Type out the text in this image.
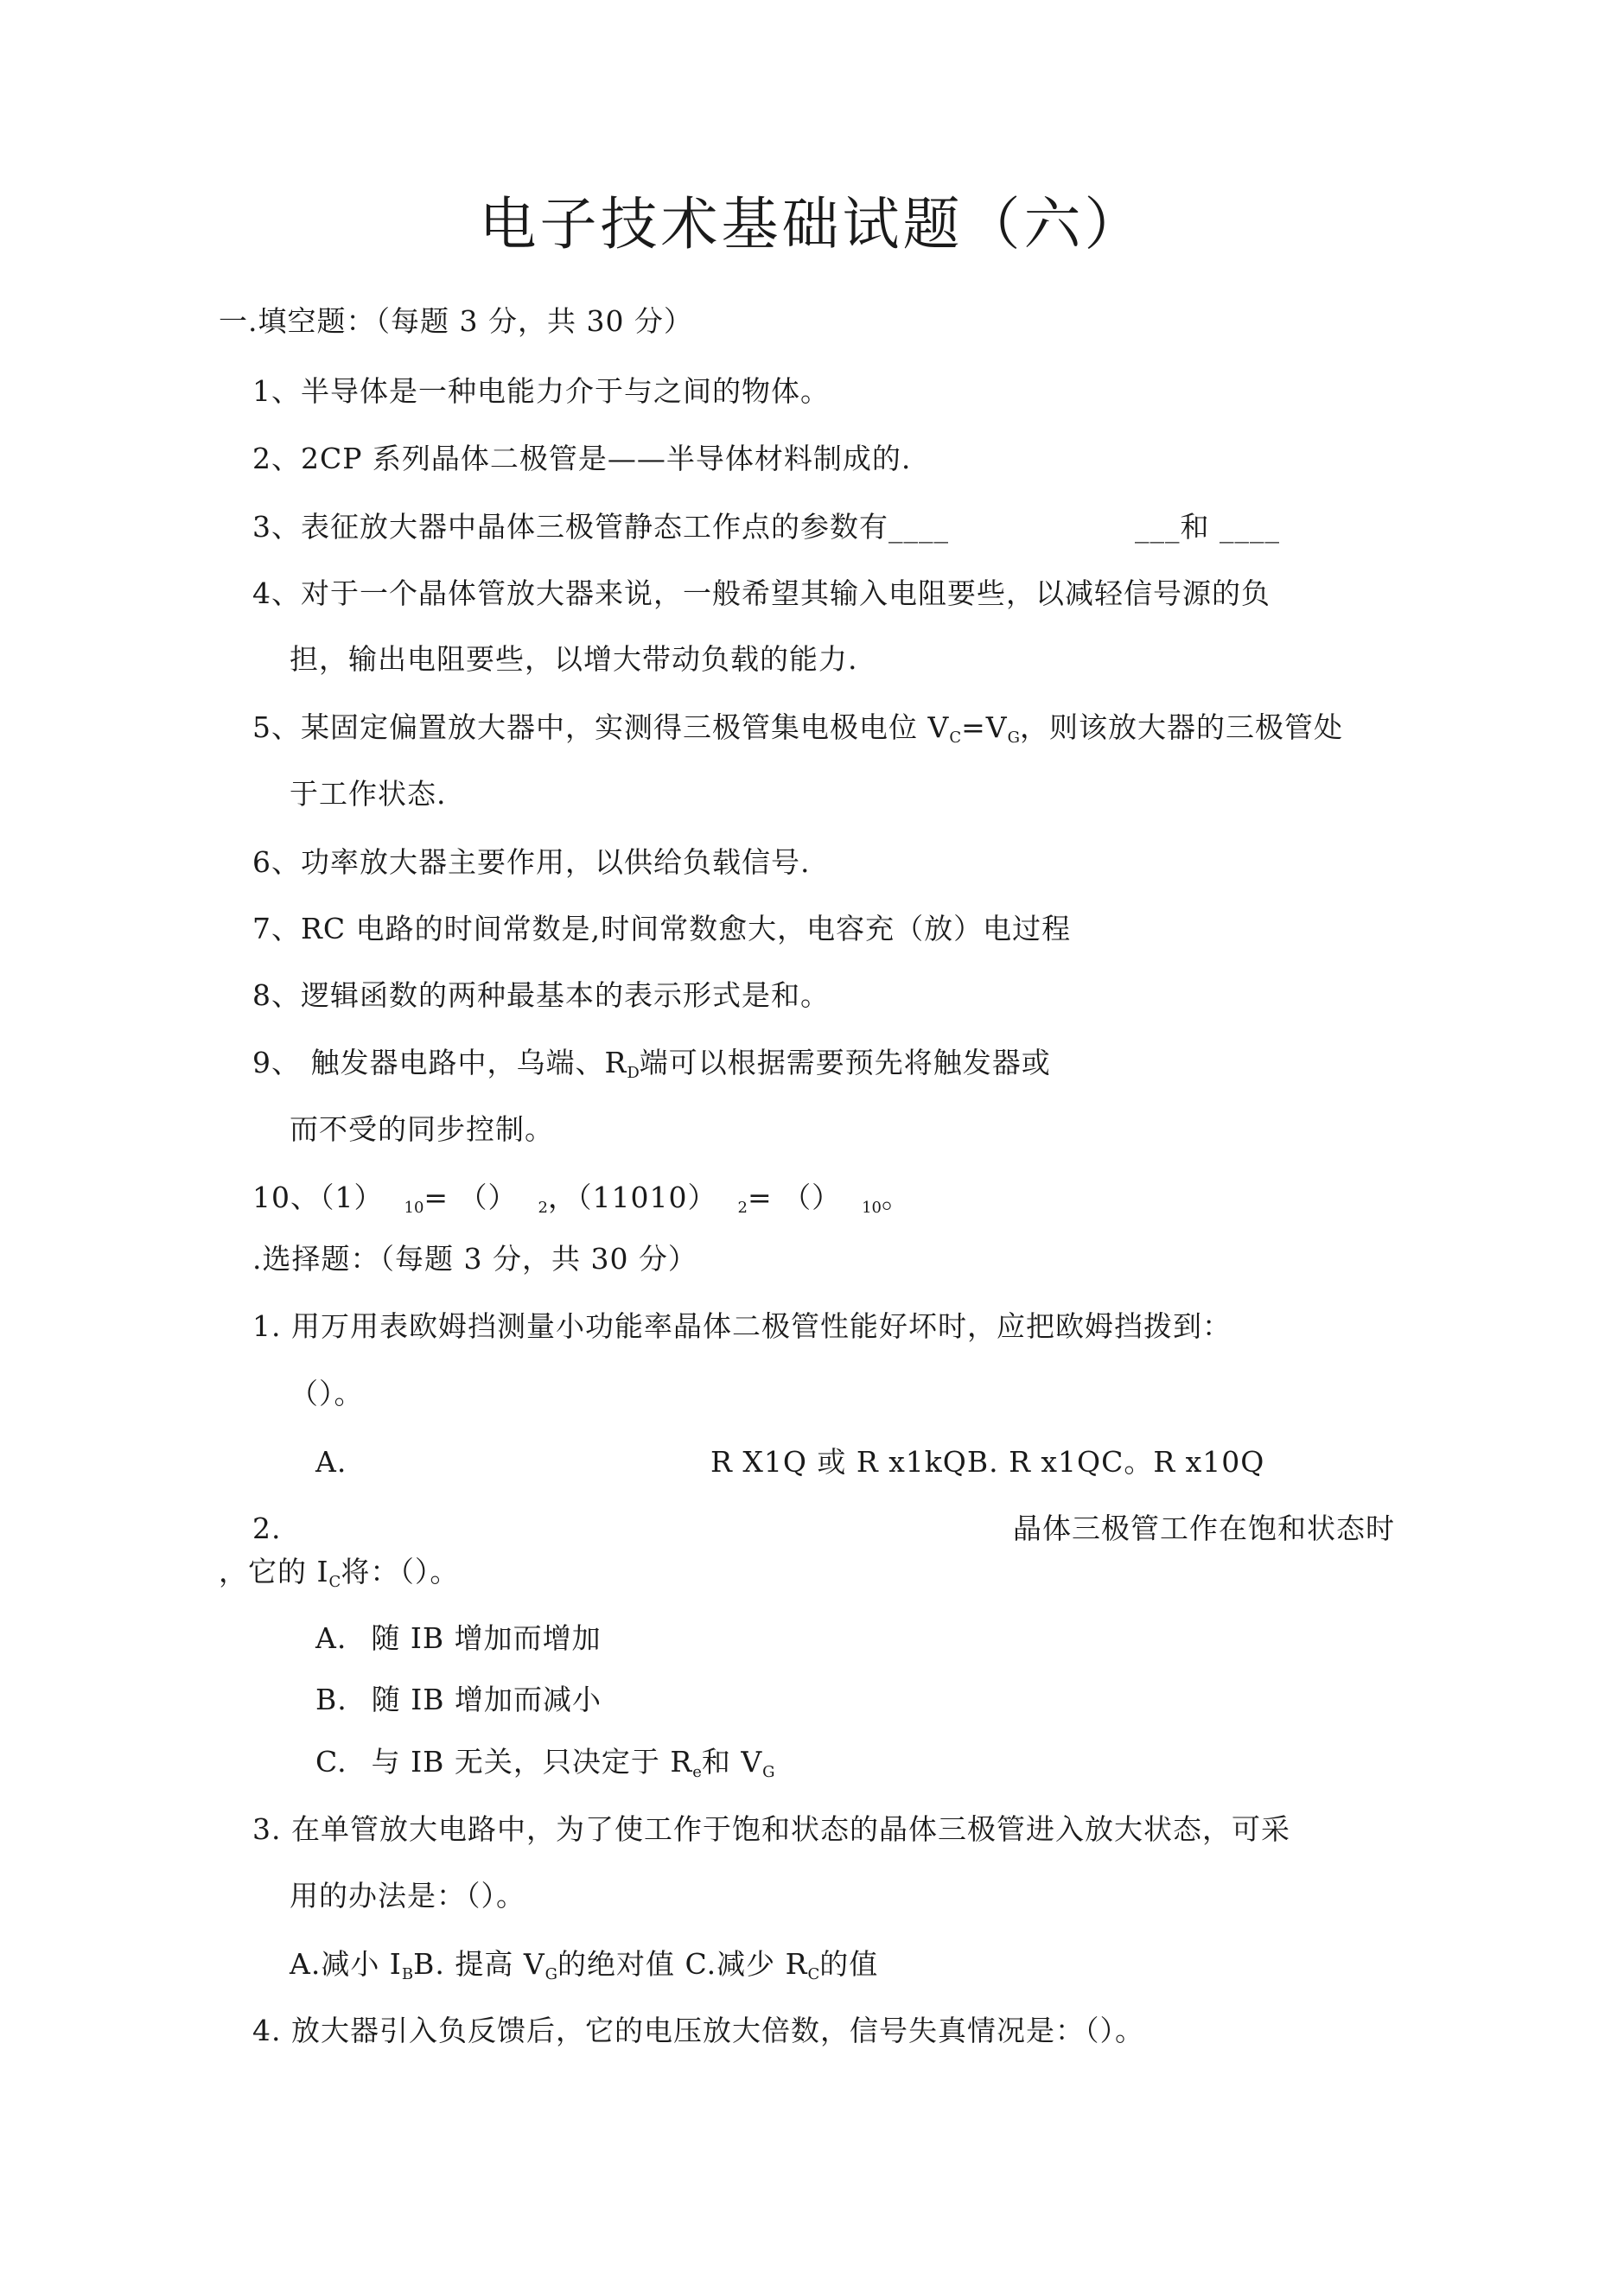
电子技术基础试题（六）
一.填空题：（每题 3 分，共 30 分）
1、半导体是一种电能力介于与之间的物体。
2、2CP 系列晶体二极管是——半导体材料制成的.
3、表征放大器中晶体三极管静态工作点的参数有____	___和 ____
4、对于一个晶体管放大器来说，一般希望其输入电阻要些，以减轻信号源的负
担，输出电阻要些，以增大带动负载的能力.
5、某固定偏置放大器中，实测得三极管集电极电位 $V_C=V_G$，则该放大器的三极管处
于工作状态.
6、功率放大器主要作用，以供给负载信号.
7、RC 电路的时间常数是,时间常数愈大，电容充（放）电过程
8、逻辑函数的两种最基本的表示形式是和。
9、 触发器电路中，乌端、$R_D$端可以根据需要预先将触发器或
而不受的同步控制。
10、（1） $_{10}$= （） $_2$，（11010） $_2$= （） $_{10}$。
.选择题：（每题 3 分，共 30 分）
1. 用万用表欧姆挡测量小功能率晶体二极管性能好坏时，应把欧姆挡拨到：
（）。
A.	R X1Q 或 R x1kQB. R x1QC。R x10Q
2.	晶体三极管工作在饱和状态时
，它的 $I_C$将：（）。
A. 随 IB 增加而增加
B. 随 IB 增加而减小
C. 与 IB 无关，只决定于 $R_e$和 $V_G$
3. 在单管放大电路中，为了使工作于饱和状态的晶体三极管进入放大状态，可采
用的办法是：（）。
A.减小 $I_BB$. 提高 $V_G$的绝对值 C.减少 $R_C$的值
4. 放大器引入负反馈后，它的电压放大倍数，信号失真情况是：（）。
